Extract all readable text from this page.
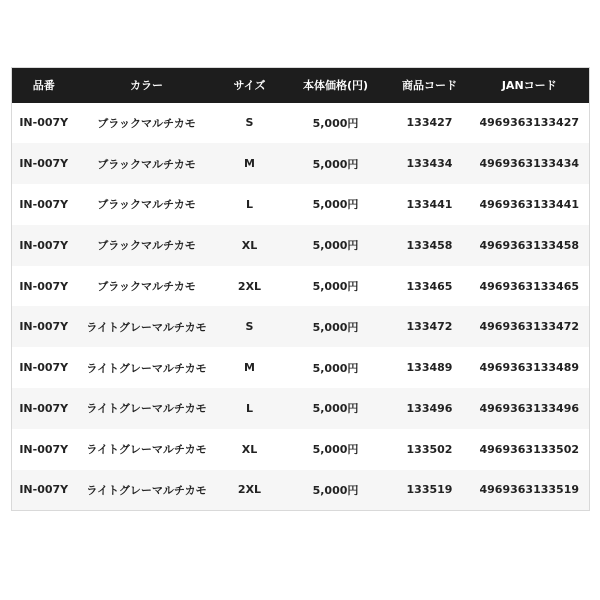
品番	カラー	サイズ	本体価格(円)	商品コード	JANコード
IN-007Y	ブラックマルチカモ	S	5,000円	133427	4969363133427
IN-007Y	ブラックマルチカモ	M	5,000円	133434	4969363133434
IN-007Y	ブラックマルチカモ	L	5,000円	133441	4969363133441
IN-007Y	ブラックマルチカモ	XL	5,000円	133458	4969363133458
IN-007Y	ブラックマルチカモ	2XL	5,000円	133465	4969363133465
IN-007Y	ライトグレーマルチカモ	S	5,000円	133472	4969363133472
IN-007Y	ライトグレーマルチカモ	M	5,000円	133489	4969363133489
IN-007Y	ライトグレーマルチカモ	L	5,000円	133496	4969363133496
IN-007Y	ライトグレーマルチカモ	XL	5,000円	133502	4969363133502
IN-007Y	ライトグレーマルチカモ	2XL	5,000円	133519	4969363133519
